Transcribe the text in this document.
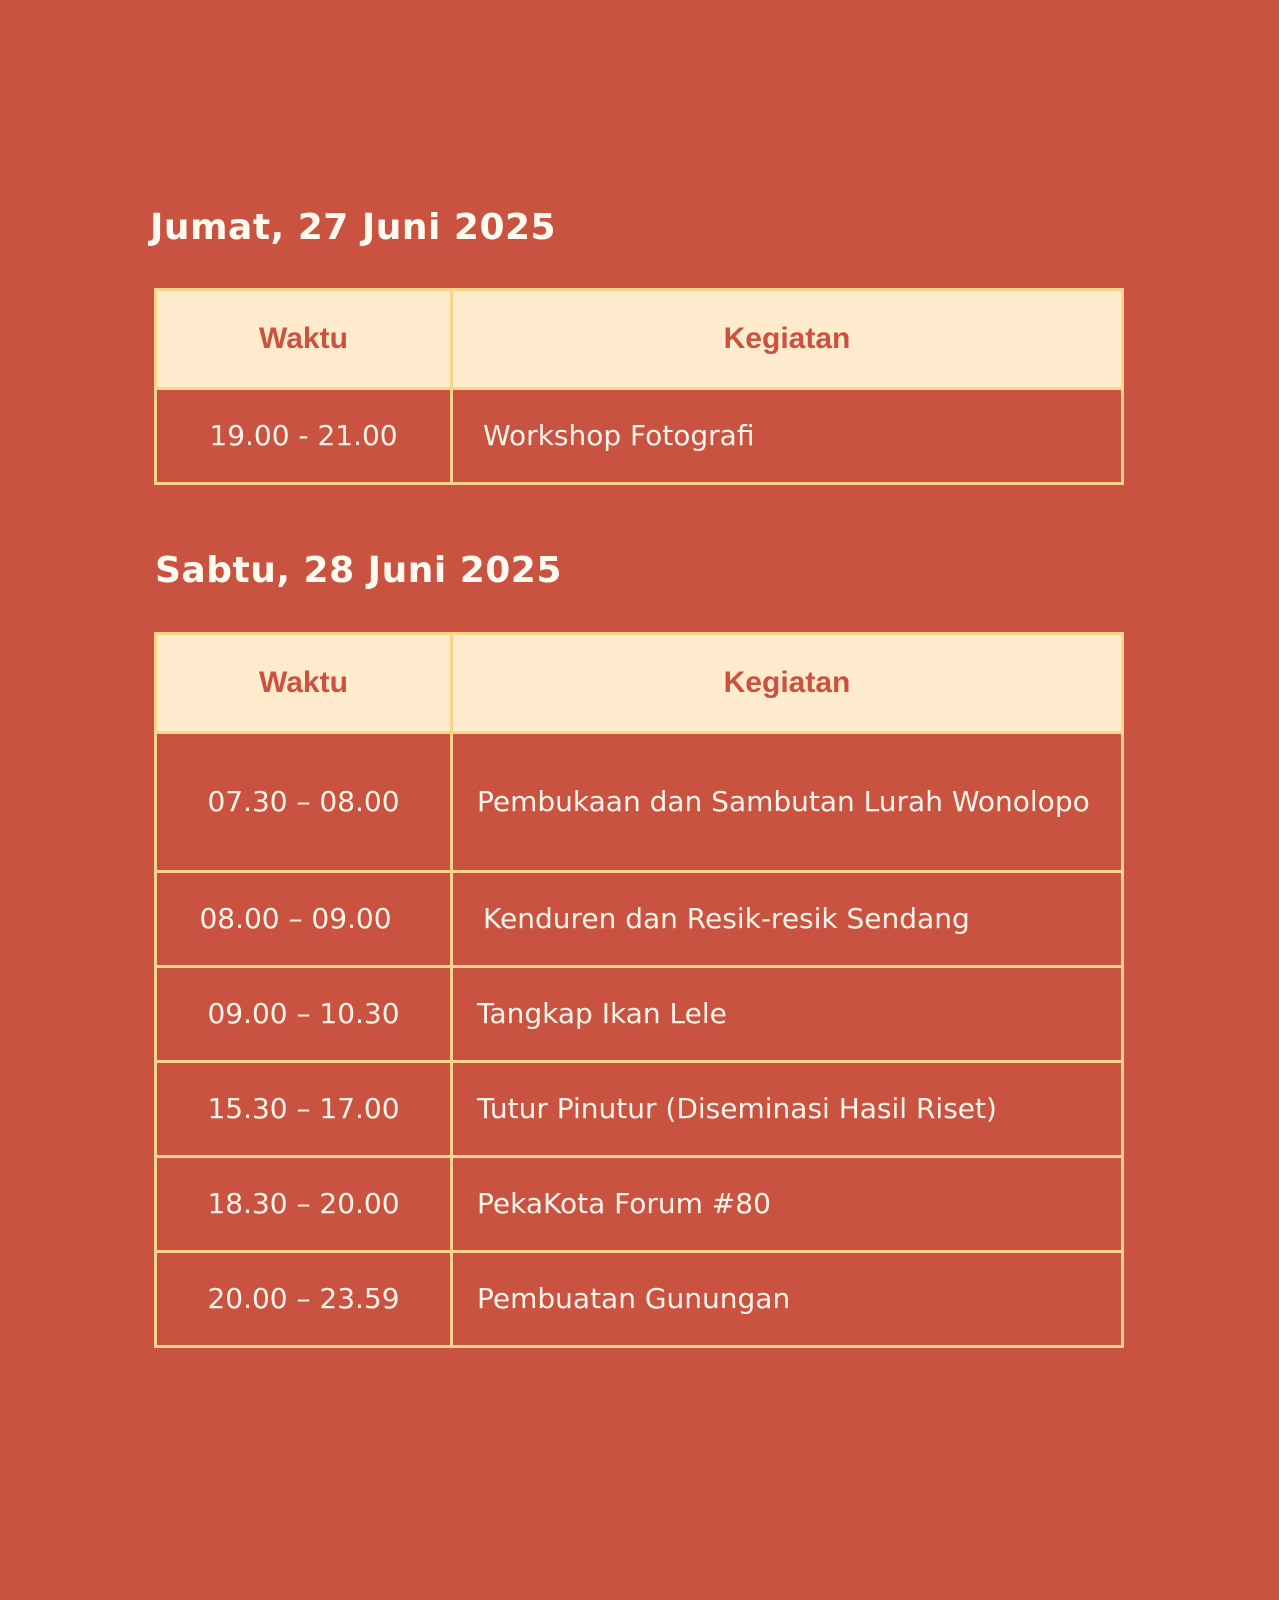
Jumat, 27 Juni 2025
Waktu	Kegiatan
19.00 - 21.00	Workshop Fotografi
Sabtu, 28 Juni 2025
Waktu	Kegiatan
07.30 – 08.00	Pembukaan dan Sambutan Lurah Wonolopo
08.00 – 09.00	Kenduren dan Resik-resik Sendang
09.00 – 10.30	Tangkap Ikan Lele
15.30 – 17.00	Tutur Pinutur (Diseminasi Hasil Riset)
18.30 – 20.00	PekaKota Forum #80
20.00 – 23.59	Pembuatan Gunungan
